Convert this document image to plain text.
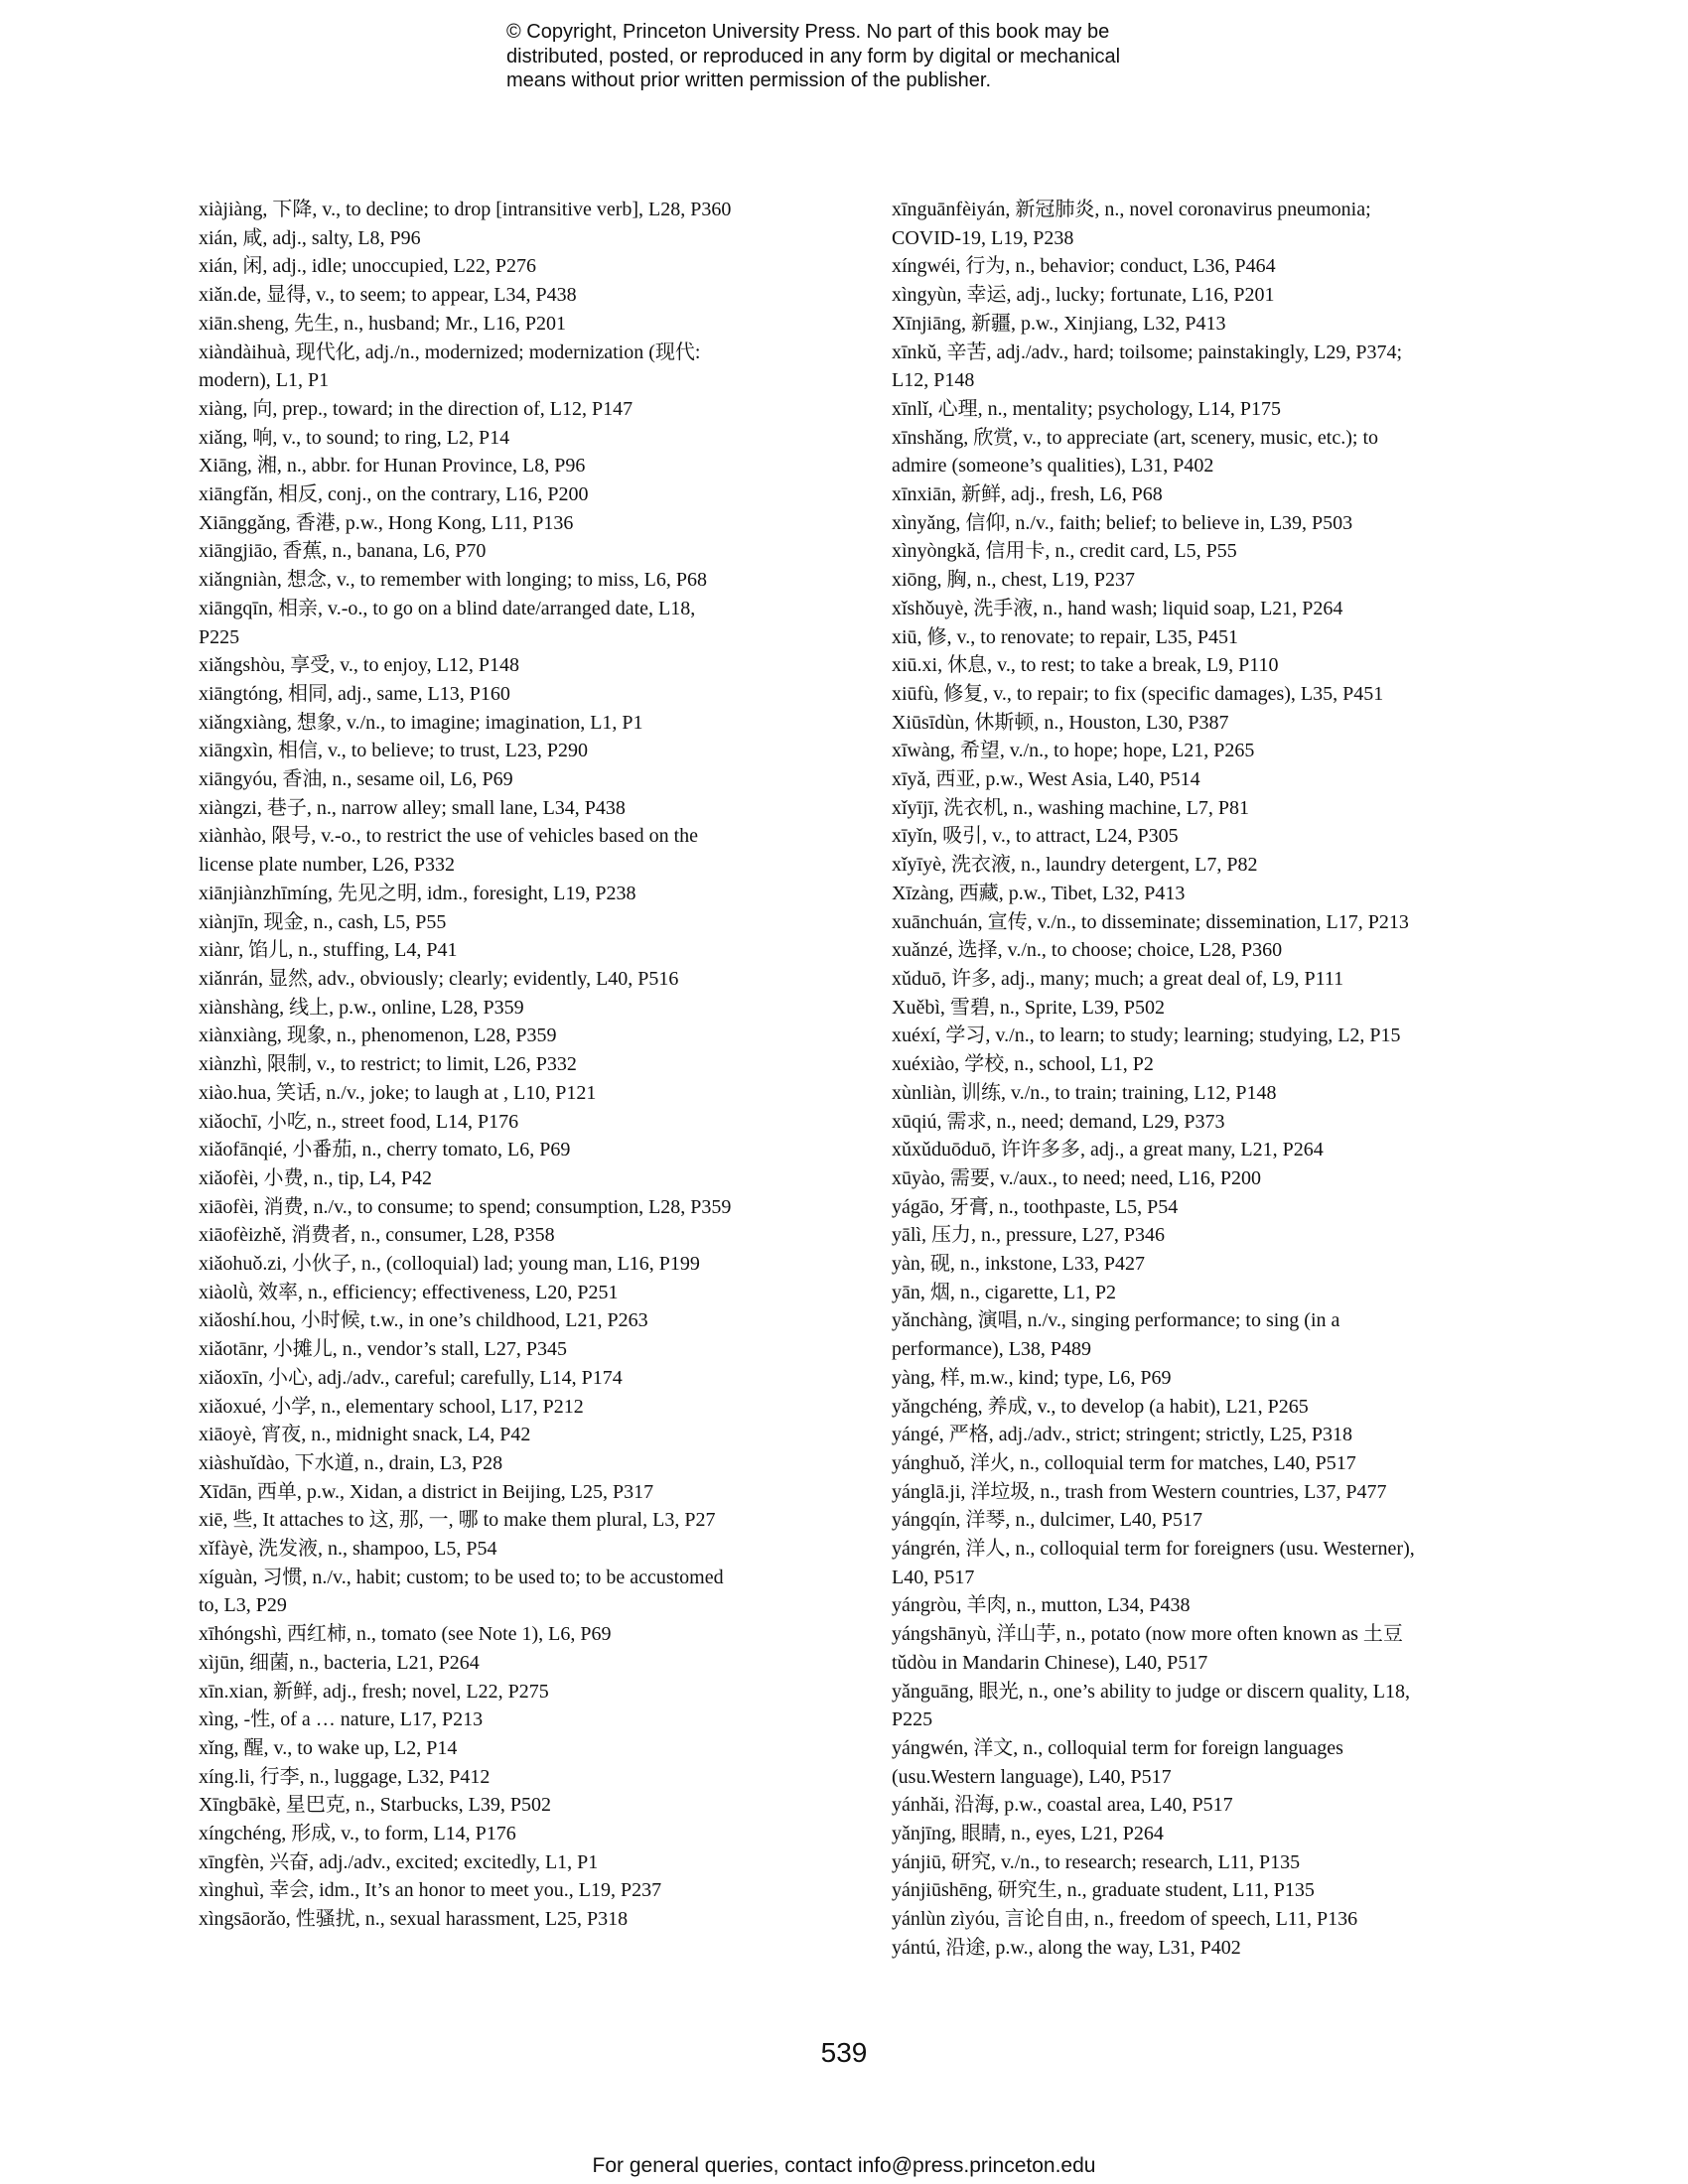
© Copyright, Princeton University Press. No part of this book may be
distributed, posted, or reproduced in any form by digital or mechanical
means without prior written permission of the publisher.
xiàjiàng, 下降, v., to decline; to drop [intransitive verb], L28, P360
xián, 咸, adj., salty, L8, P96
xián, 闲, adj., idle; unoccupied, L22, P276
xiǎn.de, 显得, v., to seem; to appear, L34, P438
xiān.sheng, 先生, n., husband; Mr., L16, P201
xiàndàihuà, 现代化, adj./n., modernized; modernization (现代:
modern), L1, P1
xiàng, 向, prep., toward; in the direction of, L12, P147
xiǎng, 响, v., to sound; to ring, L2, P14
Xiāng, 湘, n., abbr. for Hunan Province, L8, P96
xiāngfǎn, 相反, conj., on the contrary, L16, P200
Xiānggǎng, 香港, p.w., Hong Kong, L11, P136
xiāngjiāo, 香蕉, n., banana, L6, P70
xiǎngniàn, 想念, v., to remember with longing; to miss, L6, P68
xiāngqīn, 相亲, v.-o., to go on a blind date/arranged date, L18,
P225
xiǎngshòu, 享受, v., to enjoy, L12, P148
xiāngtóng, 相同, adj., same, L13, P160
xiǎngxiàng, 想象, v./n., to imagine; imagination, L1, P1
xiāngxìn, 相信, v., to believe; to trust, L23, P290
xiāngyóu, 香油, n., sesame oil, L6, P69
xiàngzi, 巷子, n., narrow alley; small lane, L34, P438
xiànhào, 限号, v.-o., to restrict the use of vehicles based on the
license plate number, L26, P332
xiānjiànzhīmíng, 先见之明, idm., foresight, L19, P238
xiànjīn, 现金, n., cash, L5, P55
xiànr, 馅儿, n., stuffing, L4, P41
xiǎnrán, 显然, adv., obviously; clearly; evidently, L40, P516
xiànshàng, 线上, p.w., online, L28, P359
xiànxiàng, 现象, n., phenomenon, L28, P359
xiànzhì, 限制, v., to restrict; to limit, L26, P332
xiào.hua, 笑话, n./v., joke; to laugh at , L10, P121
xiǎochī, 小吃, n., street food, L14, P176
xiǎofānqié, 小番茄, n., cherry tomato, L6, P69
xiǎofèi, 小费, n., tip, L4, P42
xiāofèi, 消费, n./v., to consume; to spend; consumption, L28, P359
xiāofèizhě, 消费者, n., consumer, L28, P358
xiǎohuǒ.zi, 小伙子, n., (colloquial) lad; young man, L16, P199
xiàolǜ, 效率, n., efficiency; effectiveness, L20, P251
xiǎoshí.hou, 小时候, t.w., in one’s childhood, L21, P263
xiǎotānr, 小摊儿, n., vendor’s stall, L27, P345
xiǎoxīn, 小心, adj./adv., careful; carefully, L14, P174
xiǎoxué, 小学, n., elementary school, L17, P212
xiāoyè, 宵夜, n., midnight snack, L4, P42
xiàshuǐdào, 下水道, n., drain, L3, P28
Xīdān, 西单, p.w., Xidan, a district in Beijing, L25, P317
xiē, 些, It attaches to 这, 那, 一, 哪 to make them plural, L3, P27
xǐfàyè, 洗发液, n., shampoo, L5, P54
xíguàn, 习惯, n./v., habit; custom; to be used to; to be accustomed
to, L3, P29
xīhóngshì, 西红柿, n., tomato (see Note 1), L6, P69
xìjūn, 细菌, n., bacteria, L21, P264
xīn.xian, 新鲜, adj., fresh; novel, L22, P275
xìng, -性, of a … nature, L17, P213
xǐng, 醒, v., to wake up, L2, P14
xíng.li, 行李, n., luggage, L32, P412
Xīngbākè, 星巴克, n., Starbucks, L39, P502
xíngchéng, 形成, v., to form, L14, P176
xīngfèn, 兴奋, adj./adv., excited; excitedly, L1, P1
xìnghuì, 幸会, idm., It’s an honor to meet you., L19, P237
xìngsāorǎo, 性骚扰, n., sexual harassment, L25, P318
xīnguānfèiyán, 新冠肺炎, n., novel coronavirus pneumonia;
COVID-19, L19, P238
xíngwéi, 行为, n., behavior; conduct, L36, P464
xìngyùn, 幸运, adj., lucky; fortunate, L16, P201
Xīnjiāng, 新疆, p.w., Xinjiang, L32, P413
xīnkǔ, 辛苦, adj./adv., hard; toilsome; painstakingly, L29, P374;
L12, P148
xīnlǐ, 心理, n., mentality; psychology, L14, P175
xīnshǎng, 欣赏, v., to appreciate (art, scenery, music, etc.); to
admire (someone’s qualities), L31, P402
xīnxiān, 新鲜, adj., fresh, L6, P68
xìnyǎng, 信仰, n./v., faith; belief; to believe in, L39, P503
xìnyòngkǎ, 信用卡, n., credit card, L5, P55
xiōng, 胸, n., chest, L19, P237
xǐshǒuyè, 洗手液, n., hand wash; liquid soap, L21, P264
xiū, 修, v., to renovate; to repair, L35, P451
xiū.xi, 休息, v., to rest; to take a break, L9, P110
xiūfù, 修复, v., to repair; to fix (specific damages), L35, P451
Xiūsīdùn, 休斯顿, n., Houston, L30, P387
xīwàng, 希望, v./n., to hope; hope, L21, P265
xīyǎ, 西亚, p.w., West Asia, L40, P514
xǐyījī, 洗衣机, n., washing machine, L7, P81
xīyǐn, 吸引, v., to attract, L24, P305
xǐyīyè, 洗衣液, n., laundry detergent, L7, P82
Xīzàng, 西藏, p.w., Tibet, L32, P413
xuānchuán, 宣传, v./n., to disseminate; dissemination, L17, P213
xuǎnzé, 选择, v./n., to choose; choice, L28, P360
xǔduō, 许多, adj., many; much; a great deal of, L9, P111
Xuěbì, 雪碧, n., Sprite, L39, P502
xuéxí, 学习, v./n., to learn; to study; learning; studying, L2, P15
xuéxiào, 学校, n., school, L1, P2
xùnliàn, 训练, v./n., to train; training, L12, P148
xūqiú, 需求, n., need; demand, L29, P373
xǔxǔduōduō, 许许多多, adj., a great many, L21, P264
xūyào, 需要, v./aux., to need; need, L16, P200
yágāo, 牙膏, n., toothpaste, L5, P54
yālì, 压力, n., pressure, L27, P346
yàn, 砚, n., inkstone, L33, P427
yān, 烟, n., cigarette, L1, P2
yǎnchàng, 演唱, n./v., singing performance; to sing (in a
performance), L38, P489
yàng, 样, m.w., kind; type, L6, P69
yǎngchéng, 养成, v., to develop (a habit), L21, P265
yángé, 严格, adj./adv., strict; stringent; strictly, L25, P318
yánghuǒ, 洋火, n., colloquial term for matches, L40, P517
yánglā.ji, 洋垃圾, n., trash from Western countries, L37, P477
yángqín, 洋琴, n., dulcimer, L40, P517
yángrén, 洋人, n., colloquial term for foreigners (usu. Westerner),
L40, P517
yángròu, 羊肉, n., mutton, L34, P438
yángshānyù, 洋山芋, n., potato (now more often known as 土豆
tǔdòu in Mandarin Chinese), L40, P517
yǎnguāng, 眼光, n., one’s ability to judge or discern quality, L18,
P225
yángwén, 洋文, n., colloquial term for foreign languages
(usu.Western language), L40, P517
yánhǎi, 沿海, p.w., coastal area, L40, P517
yǎnjīng, 眼睛, n., eyes, L21, P264
yánjiū, 研究, v./n., to research; research, L11, P135
yánjiūshēng, 研究生, n., graduate student, L11, P135
yánlùn zìyóu, 言论自由, n., freedom of speech, L11, P136
yántú, 沿途, p.w., along the way, L31, P402
539
For general queries, contact info@press.princeton.edu
